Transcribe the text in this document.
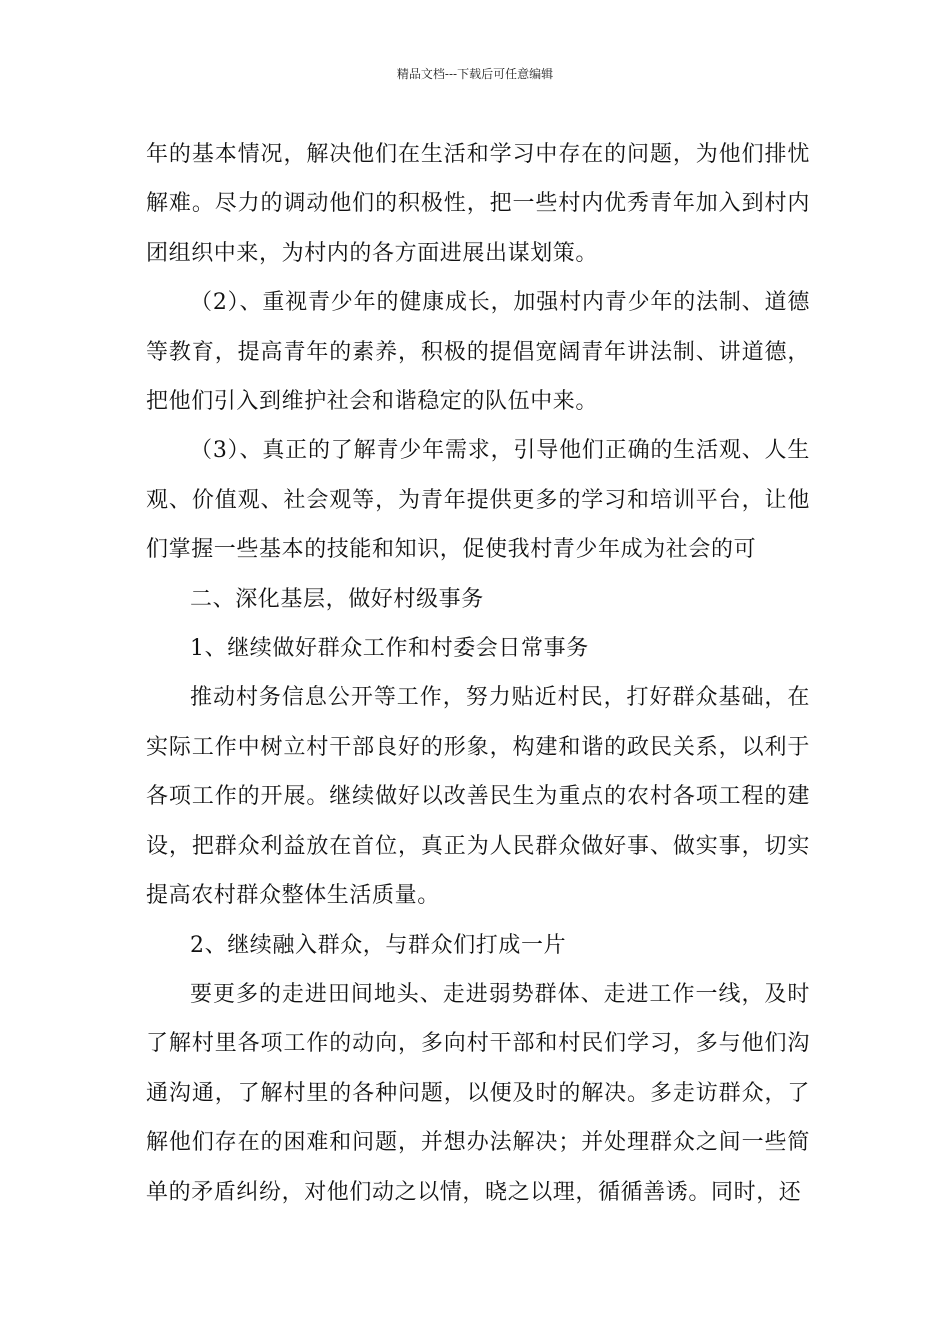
精品文档---下载后可任意编辑

年的基本情况，解决他们在生活和学习中存在的问题，为他们排忧解难。尽力的调动他们的积极性，把一些村内优秀青年加入到村内团组织中来，为村内的各方面进展出谋划策。

（2）、重视青少年的健康成长，加强村内青少年的法制、道德等教育，提高青年的素养，积极的提倡宽阔青年讲法制、讲道德，把他们引入到维护社会和谐稳定的队伍中来。

（3）、真正的了解青少年需求，引导他们正确的生活观、人生观、价值观、社会观等，为青年提供更多的学习和培训平台，让他们掌握一些基本的技能和知识，促使我村青少年成为社会的可

二、深化基层，做好村级事务

1、继续做好群众工作和村委会日常事务

推动村务信息公开等工作，努力贴近村民，打好群众基础，在实际工作中树立村干部良好的形象，构建和谐的政民关系，以利于各项工作的开展。继续做好以改善民生为重点的农村各项工程的建设，把群众利益放在首位，真正为人民群众做好事、做实事，切实提高农村群众整体生活质量。

2、继续融入群众，与群众们打成一片

要更多的走进田间地头、走进弱势群体、走进工作一线，及时了解村里各项工作的动向，多向村干部和村民们学习，多与他们沟通沟通，了解村里的各种问题，以便及时的解决。多走访群众，了解他们存在的困难和问题，并想办法解决；并处理群众之间一些简单的矛盾纠纷，对他们动之以情，晓之以理，循循善诱。同时，还
